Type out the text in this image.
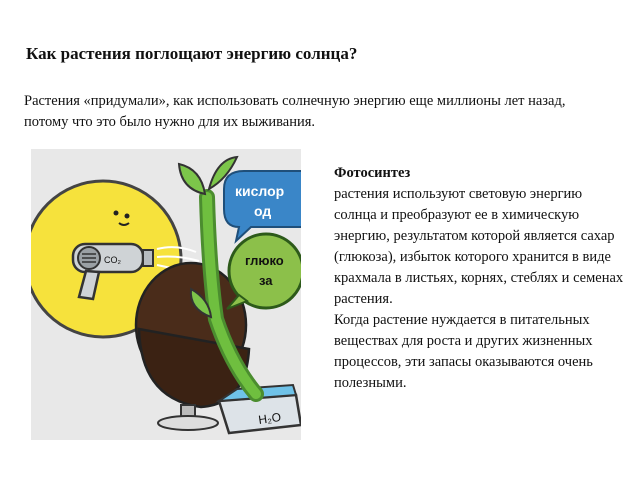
Как растения поглощают энергию солнца?
Растения «придумали», как использовать солнечную энергию еще миллионы лет назад, потому что это было нужно для их выживания.
CO₂
H₂O
кислор
од
глюко
за

Фотосинтез

растения используют световую энергию солнца и преобразуют ее в химическую энергию, результатом которой является сахар (глюкоза), избыток которого хранится в виде крахмала в листьях, корнях, стеблях и семенах растения.

Когда растение нуждается в питательных веществах для роста и других жизненных процессов, эти запасы оказываются очень полезными.
